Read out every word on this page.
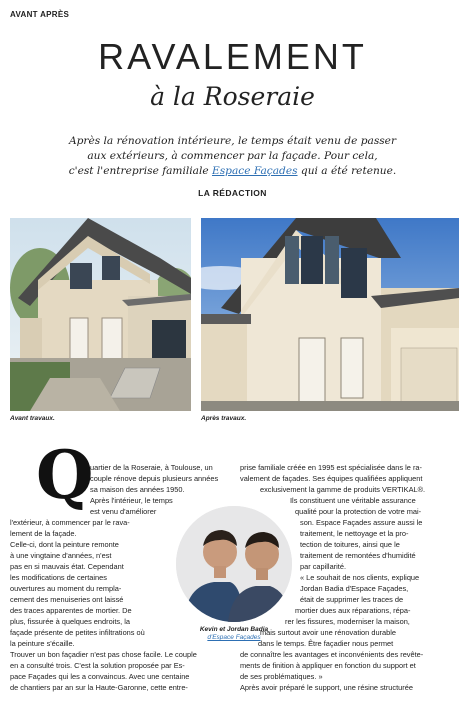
AVANT APRÈS
RAVALEMENT
à la Roseraie
Après la rénovation intérieure, le temps était venu de passer
aux extérieurs, à commencer par la façade. Pour cela,
c'est l'entreprise familiale Espace Façades qui a été retenue.
LA RÉDACTION
Avant travaux.	Après travaux.
Q
uartier de la Roseraie, à Toulouse, un
couple rénove depuis plusieurs années
sa maison des années 1950.
Après l'intérieur, le temps
est venu d'améliorer
l'extérieur, à commencer par le rava-
lement de la façade.
Celle-ci, dont la peinture remonte
à une vingtaine d'années, n'est
pas en si mauvais état. Cependant
les modifications de certaines
ouvertures au moment du rempla-
cement des menuiseries ont laissé
des traces apparentes de mortier. De
plus, fissurée à quelques endroits, la
façade présente de petites infiltrations où
la peinture s'écaille.
Trouver un bon façadier n'est pas chose facile. Le couple
en a consulté trois. C'est la solution proposée par Es-
pace Façades qui les a convaincus. Avec une centaine
de chantiers par an sur la Haute-Garonne, cette entre-
prise familiale créée en 1995 est spécialisée dans le ra-
valement de façades. Ses équipes qualifiées appliquent
exclusivement la gamme de produits VERTIKAL®.
Ils constituent une véritable assurance
qualité pour la protection de votre mai-
son. Espace Façades assure aussi le
traitement, le nettoyage et la pro-
tection de toitures, ainsi que le
traitement de remontées d'humidité
par capillarité.
« Le souhait de nos clients, explique
Jordan Badia d'Espace Façades,
était de supprimer les traces de
mortier dues aux réparations, répa-
rer les fissures, moderniser la maison,
mais surtout avoir une rénovation durable
dans le temps. Être façadier nous permet
de connaître les avantages et inconvénients des revête-
ments de finition à appliquer en fonction du support et
de ses problématiques. »
Après avoir préparé le support, une résine structurée
Kevin et Jordan Badia
d'Espace Façades
